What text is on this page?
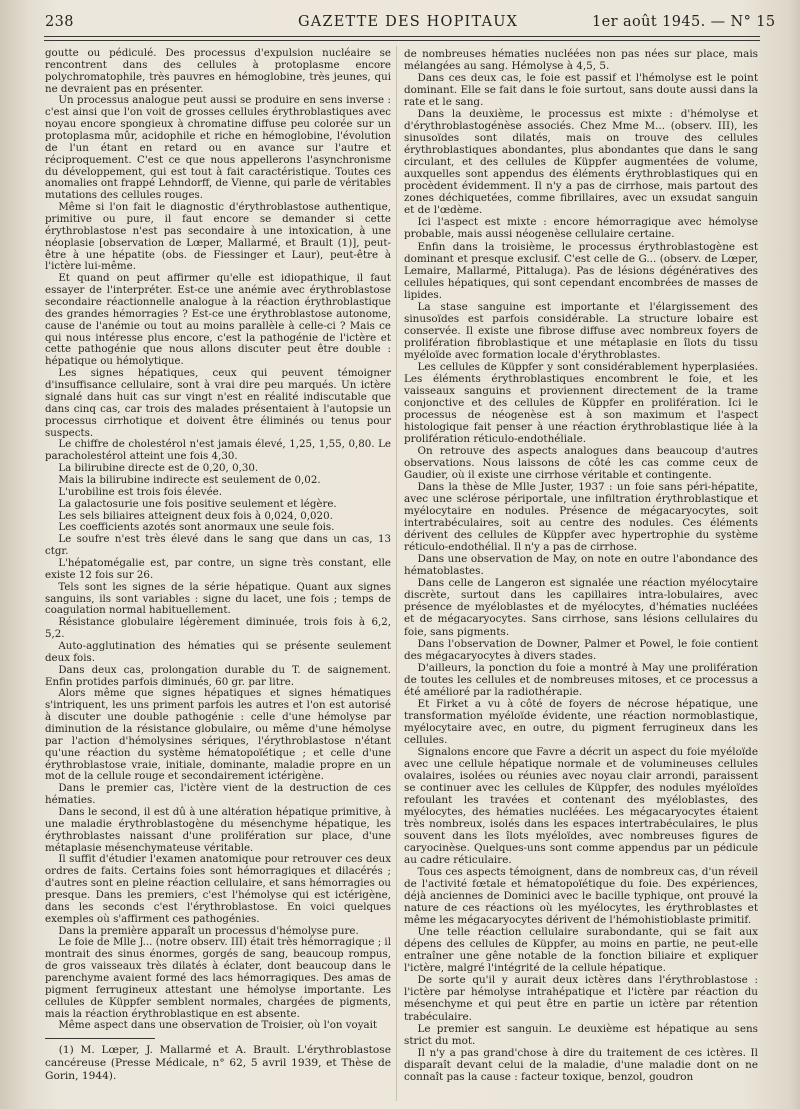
238	GAZETTE DES HOPITAUX	1er août 1945. — N° 15

goutte ou pédiculé. Des processus d'expulsion nucléaire se rencontrent dans des cellules à protoplasme encore polychromatophile, très pauvres en hémoglobine, très jeunes, qui ne devraient pas en présenter.

Un processus analogue peut aussi se produire en sens inverse : c'est ainsi que l'on voit de grosses cellules érythroblastiques avec noyau encore spongieux à chromatine diffuse peu colorée sur un protoplasma mûr, acidophile et riche en hémoglobine, l'évolution de l'un étant en retard ou en avance sur l'autre et réciproquement. C'est ce que nous appellerons l'asynchronisme du développement, qui est tout à fait caractéristique. Toutes ces anomalies ont frappé Lehndorff, de Vienne, qui parle de véritables mutations des cellules rouges.

Même si l'on fait le diagnostic d'érythroblastose authentique, primitive ou pure, il faut encore se demander si cette érythroblastose n'est pas secondaire à une intoxication, à une néoplasie [observation de Lœper, Mallarmé, et Brault (1)], peut-être à une hépatite (obs. de Fiessinger et Laur), peut-être à l'ictère lui-même.

Et quand on peut affirmer qu'elle est idiopathique, il faut essayer de l'interpréter. Est-ce une anémie avec érythroblastose secondaire réactionnelle analogue à la réaction érythroblastique des grandes hémorragies ? Est-ce une érythroblastose autonome, cause de l'anémie ou tout au moins parallèle à celle-ci ? Mais ce qui nous intéresse plus encore, c'est la pathogénie de l'ictère et cette pathogénie que nous allons discuter peut être double : hépatique ou hémolytique.

Les signes hépatiques, ceux qui peuvent témoigner d'insuffisance cellulaire, sont à vrai dire peu marqués. Un ictère signalé dans huit cas sur vingt n'est en réalité indiscutable que dans cinq cas, car trois des malades présentaient à l'autopsie un processus cirrhotique et doivent être éliminés ou tenus pour suspects.

Le chiffre de cholestérol n'est jamais élevé, 1,25, 1,55, 0,80. Le paracholestérol atteint une fois 4,30.

La bilirubine directe est de 0,20, 0,30.

Mais la bilirubine indirecte est seulement de 0,02.

L'urobiline est trois fois élevée.

La galactosurie une fois positive seulement et légère.

Les sels biliaires atteignent deux fois à 0,024, 0,020.

Les coefficients azotés sont anormaux une seule fois.

Le soufre n'est très élevé dans le sang que dans un cas, 13 ctgr.

L'hépatomégalie est, par contre, un signe très constant, elle existe 12 fois sur 26.

Tels sont les signes de la série hépatique. Quant aux signes sanguins, ils sont variables : signe du lacet, une fois ; temps de coagulation normal habituellement.

Résistance globulaire légèrement diminuée, trois fois à 6,2, 5,2.

Auto-agglutination des hématies qui se présente seulement deux fois.

Dans deux cas, prolongation durable du T. de saignement. Enfin protides parfois diminués, 60 gr. par litre.

Alors même que signes hépatiques et signes hématiques s'intriquent, les uns priment parfois les autres et l'on est autorisé à discuter une double pathogénie : celle d'une hémolyse par diminution de la résistance globulaire, ou même d'une hémolyse par l'action d'hémolysines sériques, l'érythroblastose n'étant qu'une réaction du système hématopoïétique ; et celle d'une érythroblastose vraie, initiale, dominante, maladie propre en un mot de la cellule rouge et secondairement ictérigène.

Dans le premier cas, l'ictère vient de la destruction de ces hématies.

Dans le second, il est dû à une altération hépatique primitive, à une maladie érythroblastogène du mésenchyme hépatique, les érythroblastes naissant d'une prolifération sur place, d'une métaplasie mésenchymateuse véritable.

Il suffit d'étudier l'examen anatomique pour retrouver ces deux ordres de faits. Certains foies sont hémorragiques et dilacérés ; d'autres sont en pleine réaction cellulaire, et sans hémorragies ou presque. Dans les premiers, c'est l'hémolyse qui est ictérigène, dans les seconds c'est l'érythroblastose. En voici quelques exemples où s'affirment ces pathogénies.

Dans la première apparaît un processus d'hémolyse pure.

Le foie de Mlle J... (notre observ. III) était très hémorragique ; il montrait des sinus énormes, gorgés de sang, beaucoup rompus, de gros vaisseaux très dilatés à éclater, dont beaucoup dans le parenchyme avaient formé des lacs hémorragiques. Des amas de pigment ferrugineux attestant une hémolyse importante. Les cellules de Küppfer semblent normales, chargées de pigments, mais la réaction érythroblastique en est absente.

Même aspect dans une observation de Troisier, où l'on voyait

(1) M. Lœper, J. Mallarmé et A. Brault. L'érythroblastose cancéreuse (Presse Médicale, n° 62, 5 avril 1939, et Thèse de Gorin, 1944).

de nombreuses hématies nucléées non pas nées sur place, mais mélangées au sang. Hémolyse à 4,5, 5.

Dans ces deux cas, le foie est passif et l'hémolyse est le point dominant. Elle se fait dans le foie surtout, sans doute aussi dans la rate et le sang.

Dans la deuxième, le processus est mixte : d'hémolyse et d'érythroblastogénèse associés. Chez Mme M... (observ. III), les sinusoïdes sont dilatés, mais on trouve des cellules érythroblastiques abondantes, plus abondantes que dans le sang circulant, et des cellules de Küppfer augmentées de volume, auxquelles sont appendus des éléments érythroblastiques qui en procèdent évidemment. Il n'y a pas de cirrhose, mais partout des zones déchiquetées, comme fibrillaires, avec un exsudat sanguin et de l'œdème.

Ici l'aspect est mixte : encore hémorragique avec hémolyse probable, mais aussi néogenèse cellulaire certaine.

Enfin dans la troisième, le processus érythroblastogène est dominant et presque exclusif. C'est celle de G... (observ. de Lœper, Lemaire, Mallarmé, Pittaluga). Pas de lésions dégénératives des cellules hépatiques, qui sont cependant encombrées de masses de lipides.

La stase sanguine est importante et l'élargissement des sinusoïdes est parfois considérable. La structure lobaire est conservée. Il existe une fibrose diffuse avec nombreux foyers de prolifération fibroblastique et une métaplasie en îlots du tissu myéloïde avec formation locale d'érythroblastes.

Les cellules de Küppfer y sont considérablement hyperplasiées. Les éléments érythroblastiques encombrent le foie, et les vaisseaux sanguins et proviennent directement de la trame conjonctive et des cellules de Küppfer en prolifération. Ici le processus de néogenèse est à son maximum et l'aspect histologique fait penser à une réaction érythroblastique liée à la prolifération réticulo-endothéliale.

On retrouve des aspects analogues dans beaucoup d'autres observations. Nous laissons de côté les cas comme ceux de Gaudier, où il existe une cirrhose véritable et contingente.

Dans la thèse de Mlle Juster, 1937 : un foie sans péri-hépatite, avec une sclérose périportale, une infiltration érythroblastique et myélocytaire en nodules. Présence de mégacaryocytes, soit intertrabéculaires, soit au centre des nodules. Ces éléments dérivent des cellules de Küppfer avec hypertrophie du système réticulo-endothélial. Il n'y a pas de cirrhose.

Dans une observation de May, on note en outre l'abondance des hématoblastes.

Dans celle de Langeron est signalée une réaction myélocytaire discrète, surtout dans les capillaires intra-lobulaires, avec présence de myéloblastes et de myélocytes, d'hématies nucléées et de mégacaryocytes. Sans cirrhose, sans lésions cellulaires du foie, sans pigments.

Dans l'observation de Downer, Palmer et Powel, le foie contient des mégacaryocytes à divers stades.

D'ailleurs, la ponction du foie a montré à May une prolifération de toutes les cellules et de nombreuses mitoses, et ce processus a été amélioré par la radiothérapie.

Et Firket a vu à côté de foyers de nécrose hépatique, une transformation myéloïde évidente, une réaction normoblastique, myélocytaire avec, en outre, du pigment ferrugineux dans les cellules.

Signalons encore que Favre a décrit un aspect du foie myéloïde avec une cellule hépatique normale et de volumineuses cellules ovalaires, isolées ou réunies avec noyau clair arrondi, paraissent se continuer avec les cellules de Küppfer, des nodules myéloïdes refoulant les travées et contenant des myéloblastes, des myélocytes, des hématies nucléées. Les mégacaryocytes étaient très nombreux, isolés dans les espaces intertrabéculaires, le plus souvent dans les îlots myéloïdes, avec nombreuses figures de caryocinèse. Quelques-uns sont comme appendus par un pédicule au cadre réticulaire.

Tous ces aspects témoignent, dans de nombreux cas, d'un réveil de l'activité fœtale et hématopoïétique du foie. Des expériences, déjà anciennes de Dominici avec le bacille typhique, ont prouvé la nature de ces réactions où les myélocytes, les érythroblastes et même les mégacaryocytes dérivent de l'hémohistioblaste primitif.

Une telle réaction cellulaire surabondante, qui se fait aux dépens des cellules de Küppfer, au moins en partie, ne peut-elle entraîner une gêne notable de la fonction biliaire et expliquer l'ictère, malgré l'intégrité de la cellule hépatique.

De sorte qu'il y aurait deux ictères dans l'érythroblastose : l'ictère par hémolyse intrahépatique et l'ictère par réaction du mésenchyme et qui peut être en partie un ictère par rétention trabéculaire.

Le premier est sanguin. Le deuxième est hépatique au sens strict du mot.

Il n'y a pas grand'chose à dire du traitement de ces ictères. Il disparaît devant celui de la maladie, d'une maladie dont on ne connaît pas la cause : facteur toxique, benzol, goudron
